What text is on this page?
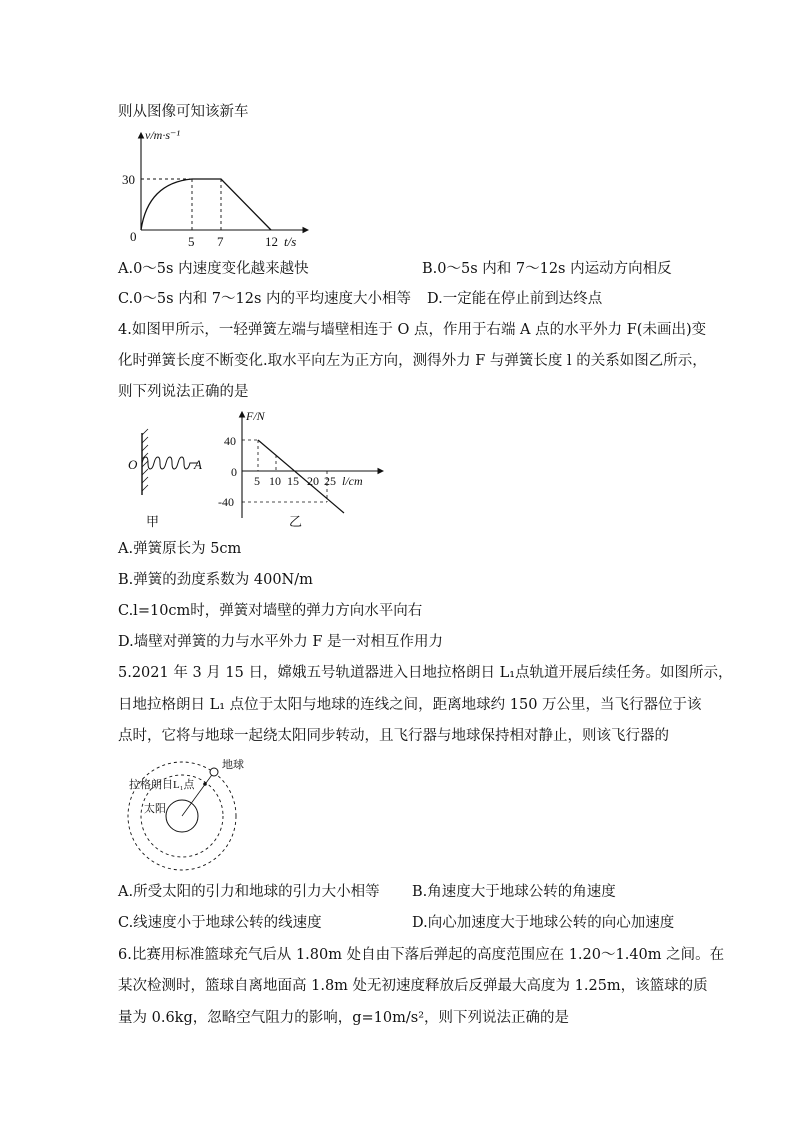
则从图像可知该新车
v/m·s⁻¹
30
0	5 7	12 t/s
A.0～5s 内速度变化越来越快	B.0～5s 内和 7～12s 内运动方向相反
C.0～5s 内和 7～12s 内的平均速度大小相等 D.一定能在停止前到达终点
4.如图甲所示，一轻弹簧左端与墙壁相连于 O 点，作用于右端 A 点的水平外力 F(未画出)变
化时弹簧长度不断变化.取水平向左为正方向，测得外力 F 与弹簧长度 l 的关系如图乙所示，
则下列说法正确的是
O	A
甲
F/N
40
0
-40
5 10 15 20 25 l/cm
乙
A.弹簧原长为 5cm
B.弹簧的劲度系数为 400N/m
C.l=10cm时，弹簧对墙壁的弹力方向水平向右
D.墙壁对弹簧的力与水平外力 F 是一对相互作用力
5.2021 年 3 月 15 日，嫦娥五号轨道器进入日地拉格朗日 L₁点轨道开展后续任务。如图所示，
日地拉格朗日 L₁ 点位于太阳与地球的连线之间，距离地球约 150 万公里，当飞行器位于该
点时，它将与地球一起绕太阳同步转动，且飞行器与地球保持相对静止，则该飞行器的
地球
拉格朗日L₁点
太阳
A.所受太阳的引力和地球的引力大小相等 B.角速度大于地球公转的角速度
C.线速度小于地球公转的线速度	D.向心加速度大于地球公转的向心加速度
6.比赛用标准篮球充气后从 1.80m 处自由下落后弹起的高度范围应在 1.20～1.40m 之间。在
某次检测时，篮球自离地面高 1.8m 处无初速度释放后反弹最大高度为 1.25m，该篮球的质
量为 0.6kg，忽略空气阻力的影响，g=10m/s²，则下列说法正确的是
